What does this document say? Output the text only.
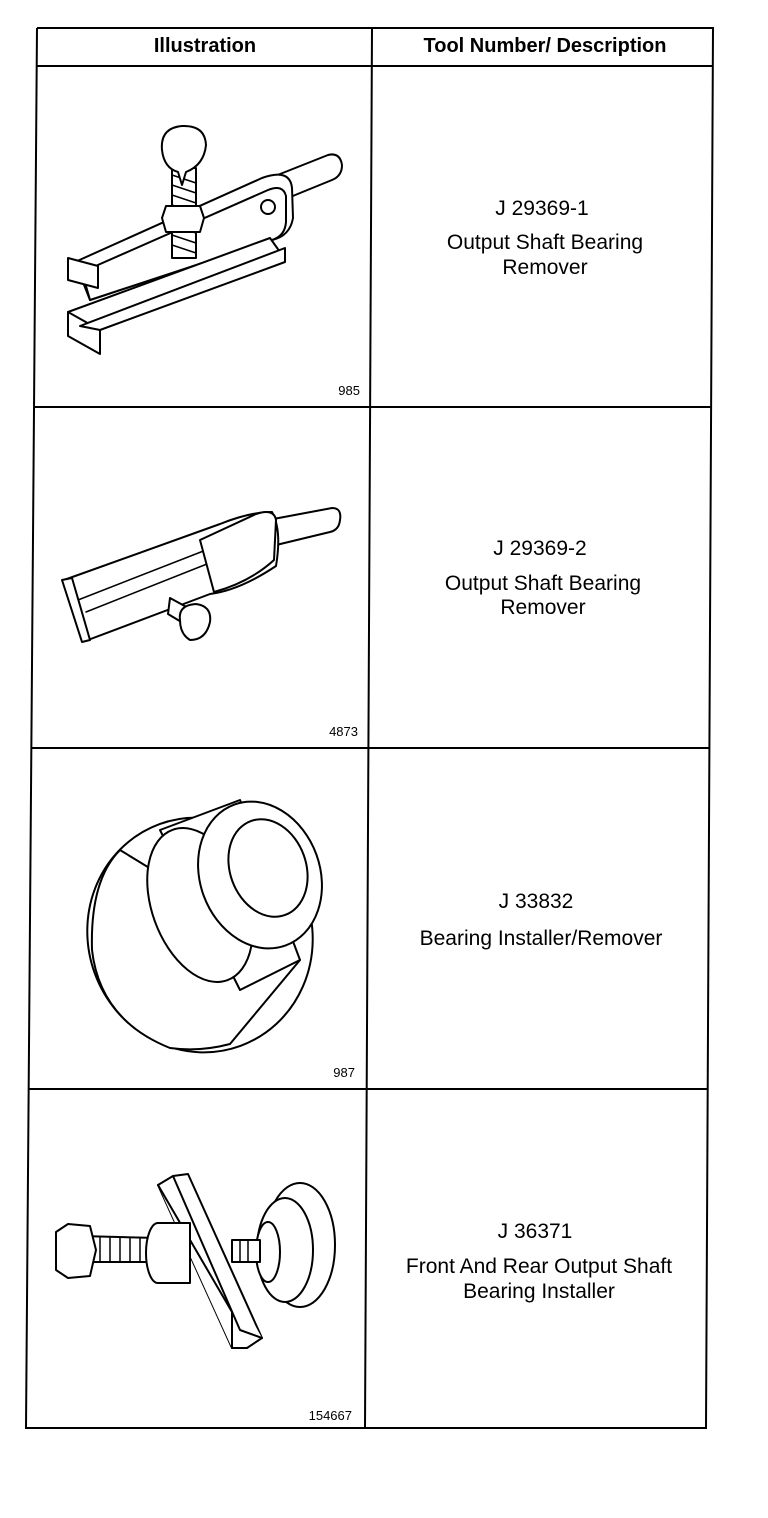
Illustration	Tool Number/ Description
985
J 29369-1
Output Shaft Bearing
Remover
4873
J 29369-2
Output Shaft Bearing
Remover
987
J 33832
Bearing Installer/Remover
154667
J 36371
Front And Rear Output Shaft
Bearing Installer
